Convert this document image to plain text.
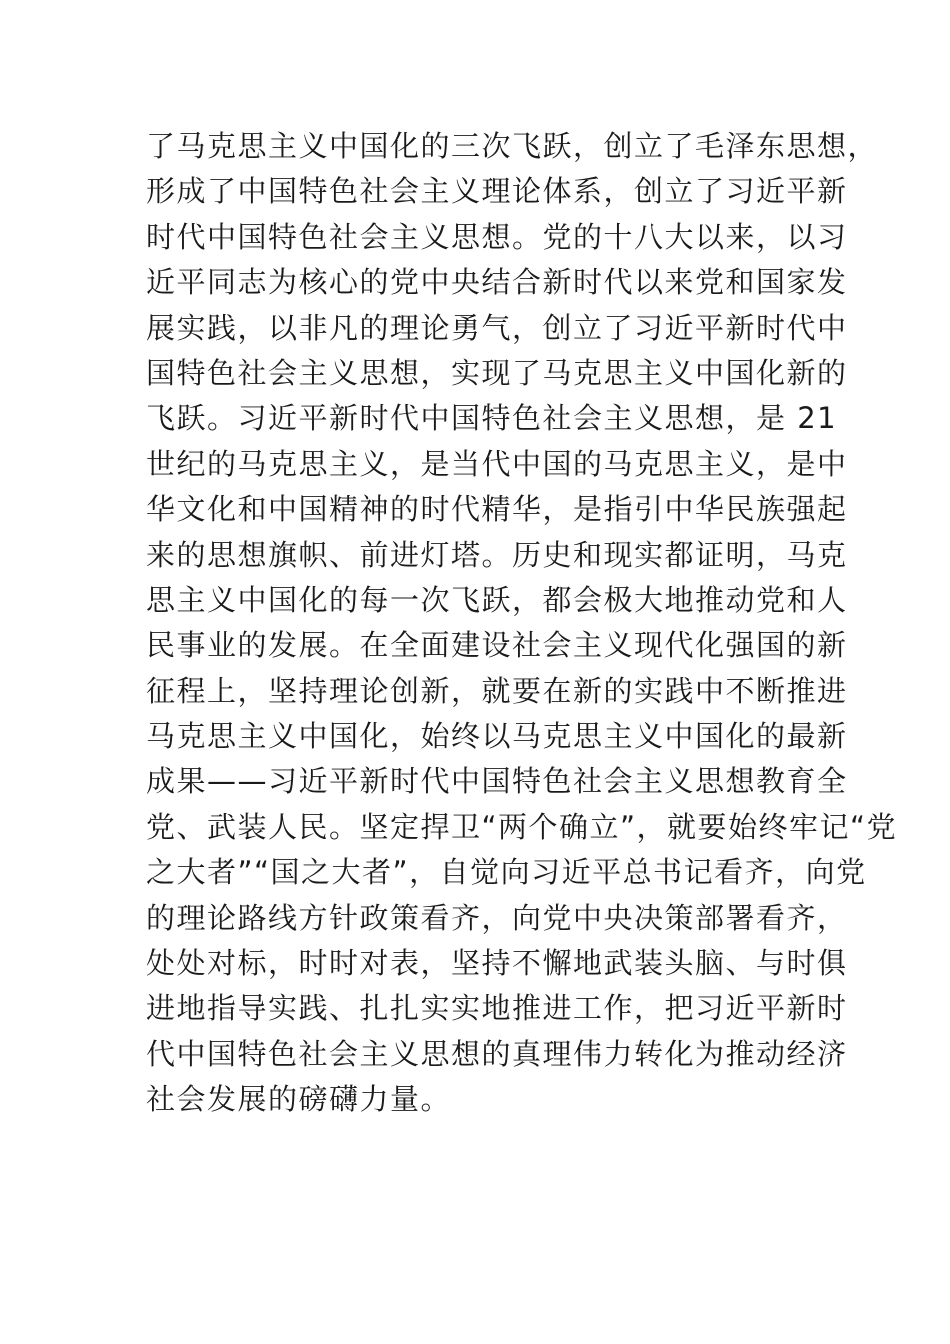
了马克思主义中国化的三次飞跃，创立了毛泽东思想，
形成了中国特色社会主义理论体系，创立了习近平新
时代中国特色社会主义思想。党的十八大以来，以习
近平同志为核心的党中央结合新时代以来党和国家发
展实践，以非凡的理论勇气，创立了习近平新时代中
国特色社会主义思想，实现了马克思主义中国化新的
飞跃。习近平新时代中国特色社会主义思想，是 21
世纪的马克思主义，是当代中国的马克思主义，是中
华文化和中国精神的时代精华，是指引中华民族强起
来的思想旗帜、前进灯塔。历史和现实都证明，马克
思主义中国化的每一次飞跃，都会极大地推动党和人
民事业的发展。在全面建设社会主义现代化强国的新
征程上，坚持理论创新，就要在新的实践中不断推进
马克思主义中国化，始终以马克思主义中国化的最新
成果——习近平新时代中国特色社会主义思想教育全
党、武装人民。坚定捍卫“两个确立”，就要始终牢记“党
之大者”“国之大者”，自觉向习近平总书记看齐，向党
的理论路线方针政策看齐，向党中央决策部署看齐，
处处对标，时时对表，坚持不懈地武装头脑、与时俱
进地指导实践、扎扎实实地推进工作，把习近平新时
代中国特色社会主义思想的真理伟力转化为推动经济
社会发展的磅礴力量。
